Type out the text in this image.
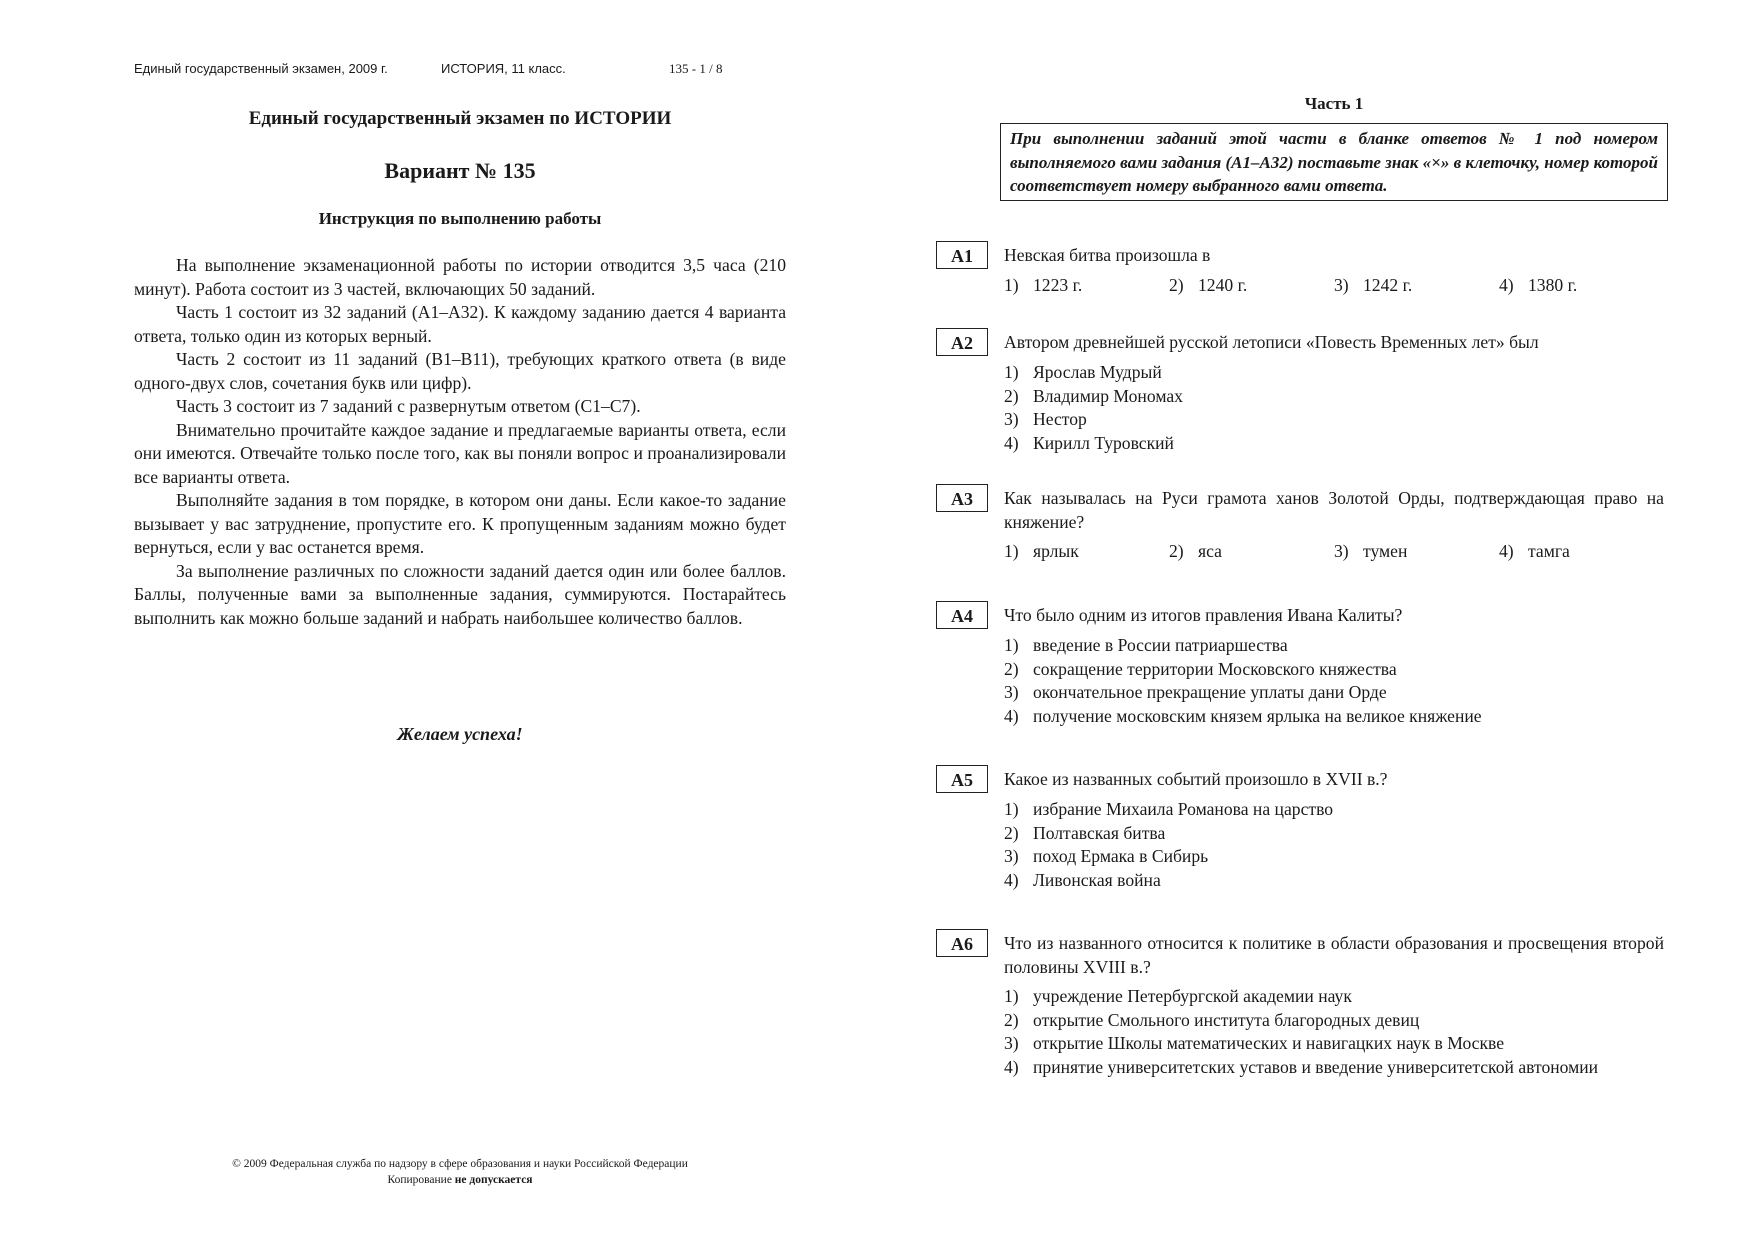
Единый государственный экзамен, 2009 г.	ИСТОРИЯ, 11 класс.	135 - 1 / 8
Единый государственный экзамен по ИСТОРИИ
Вариант № 135
Инструкция по выполнению работы

На выполнение экзаменационной работы по истории отводится 3,5 часа (210 минут). Работа состоит из 3 частей, включающих 50 заданий.

Часть 1 состоит из 32 заданий (А1–А32). К каждому заданию дается 4 варианта ответа, только один из которых верный.

Часть 2 состоит из 11 заданий (В1–В11), требующих краткого ответа (в виде одного-двух слов, сочетания букв или цифр).

Часть 3 состоит из 7 заданий с развернутым ответом (С1–С7).

Внимательно прочитайте каждое задание и предлагаемые варианты ответа, если они имеются. Отвечайте только после того, как вы поняли вопрос и проанализировали все варианты ответа.

Выполняйте задания в том порядке, в котором они даны. Если какое-то задание вызывает у вас затруднение, пропустите его. К пропущенным заданиям можно будет вернуться, если у вас останется время.

За выполнение различных по сложности заданий дается один или более баллов. Баллы, полученные вами за выполненные задания, суммируются. Постарайтесь выполнить как можно больше заданий и набрать наибольшее количество баллов.

Желаем успеха!
© 2009 Федеральная служба по надзору в сфере образования и науки Российской Федерации
Копирование не допускается
Часть 1
При выполнении заданий этой части в бланке ответов № 1 под номером выполняемого вами задания (А1–А32) поставьте знак «×» в клеточку, номер которой соответствует номеру выбранного вами ответа.
А1	Невская битва произошла в
1) 1223 г.	2) 1240 г.	3) 1242 г.	4) 1380 г.
А2	Автором древнейшей русской летописи «Повесть Временных лет» был
1) Ярослав Мудрый
2) Владимир Мономах
3) Нестор
4) Кирилл Туровский
А3	Как называлась на Руси грамота ханов Золотой Орды, подтверждающая право на княжение?
1) ярлык	2) яса	3) тумен	4) тамга
А4	Что было одним из итогов правления Ивана Калиты?
1) введение в России патриаршества
2) сокращение территории Московского княжества
3) окончательное прекращение уплаты дани Орде
4) получение московским князем ярлыка на великое княжение
А5	Какое из названных событий произошло в XVII в.?
1) избрание Михаила Романова на царство
2) Полтавская битва
3) поход Ермака в Сибирь
4) Ливонская война
А6	Что из названного относится к политике в области образования и просвещения второй половины XVIII в.?
1) учреждение Петербургской академии наук
2) открытие Смольного института благородных девиц
3) открытие Школы математических и навигацких наук в Москве
4) принятие университетских уставов и введение университетской автономии
